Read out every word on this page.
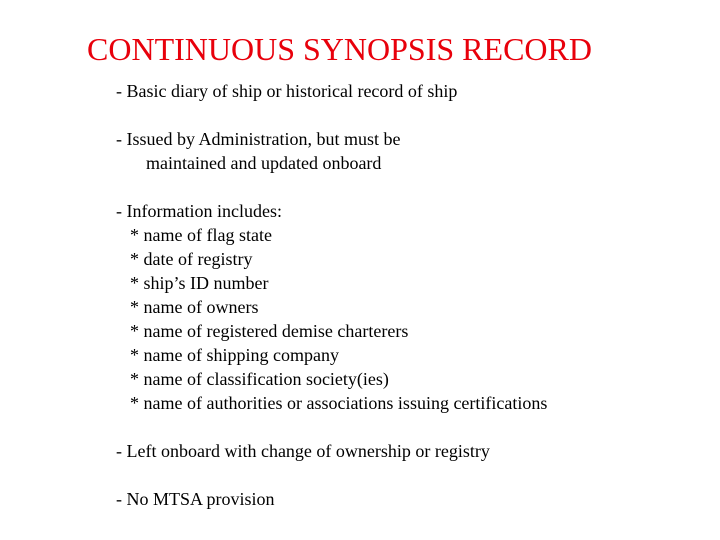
CONTINUOUS SYNOPSIS RECORD
- Basic diary of ship or historical record of ship
- Issued by Administration, but must be
maintained and updated onboard
- Information includes:
* name of flag state
* date of registry
* ship’s ID number
* name of owners
* name of registered demise charterers
* name of shipping company
* name of classification society(ies)
* name of authorities or associations issuing certifications
- Left onboard with change of ownership or registry
- No MTSA provision
